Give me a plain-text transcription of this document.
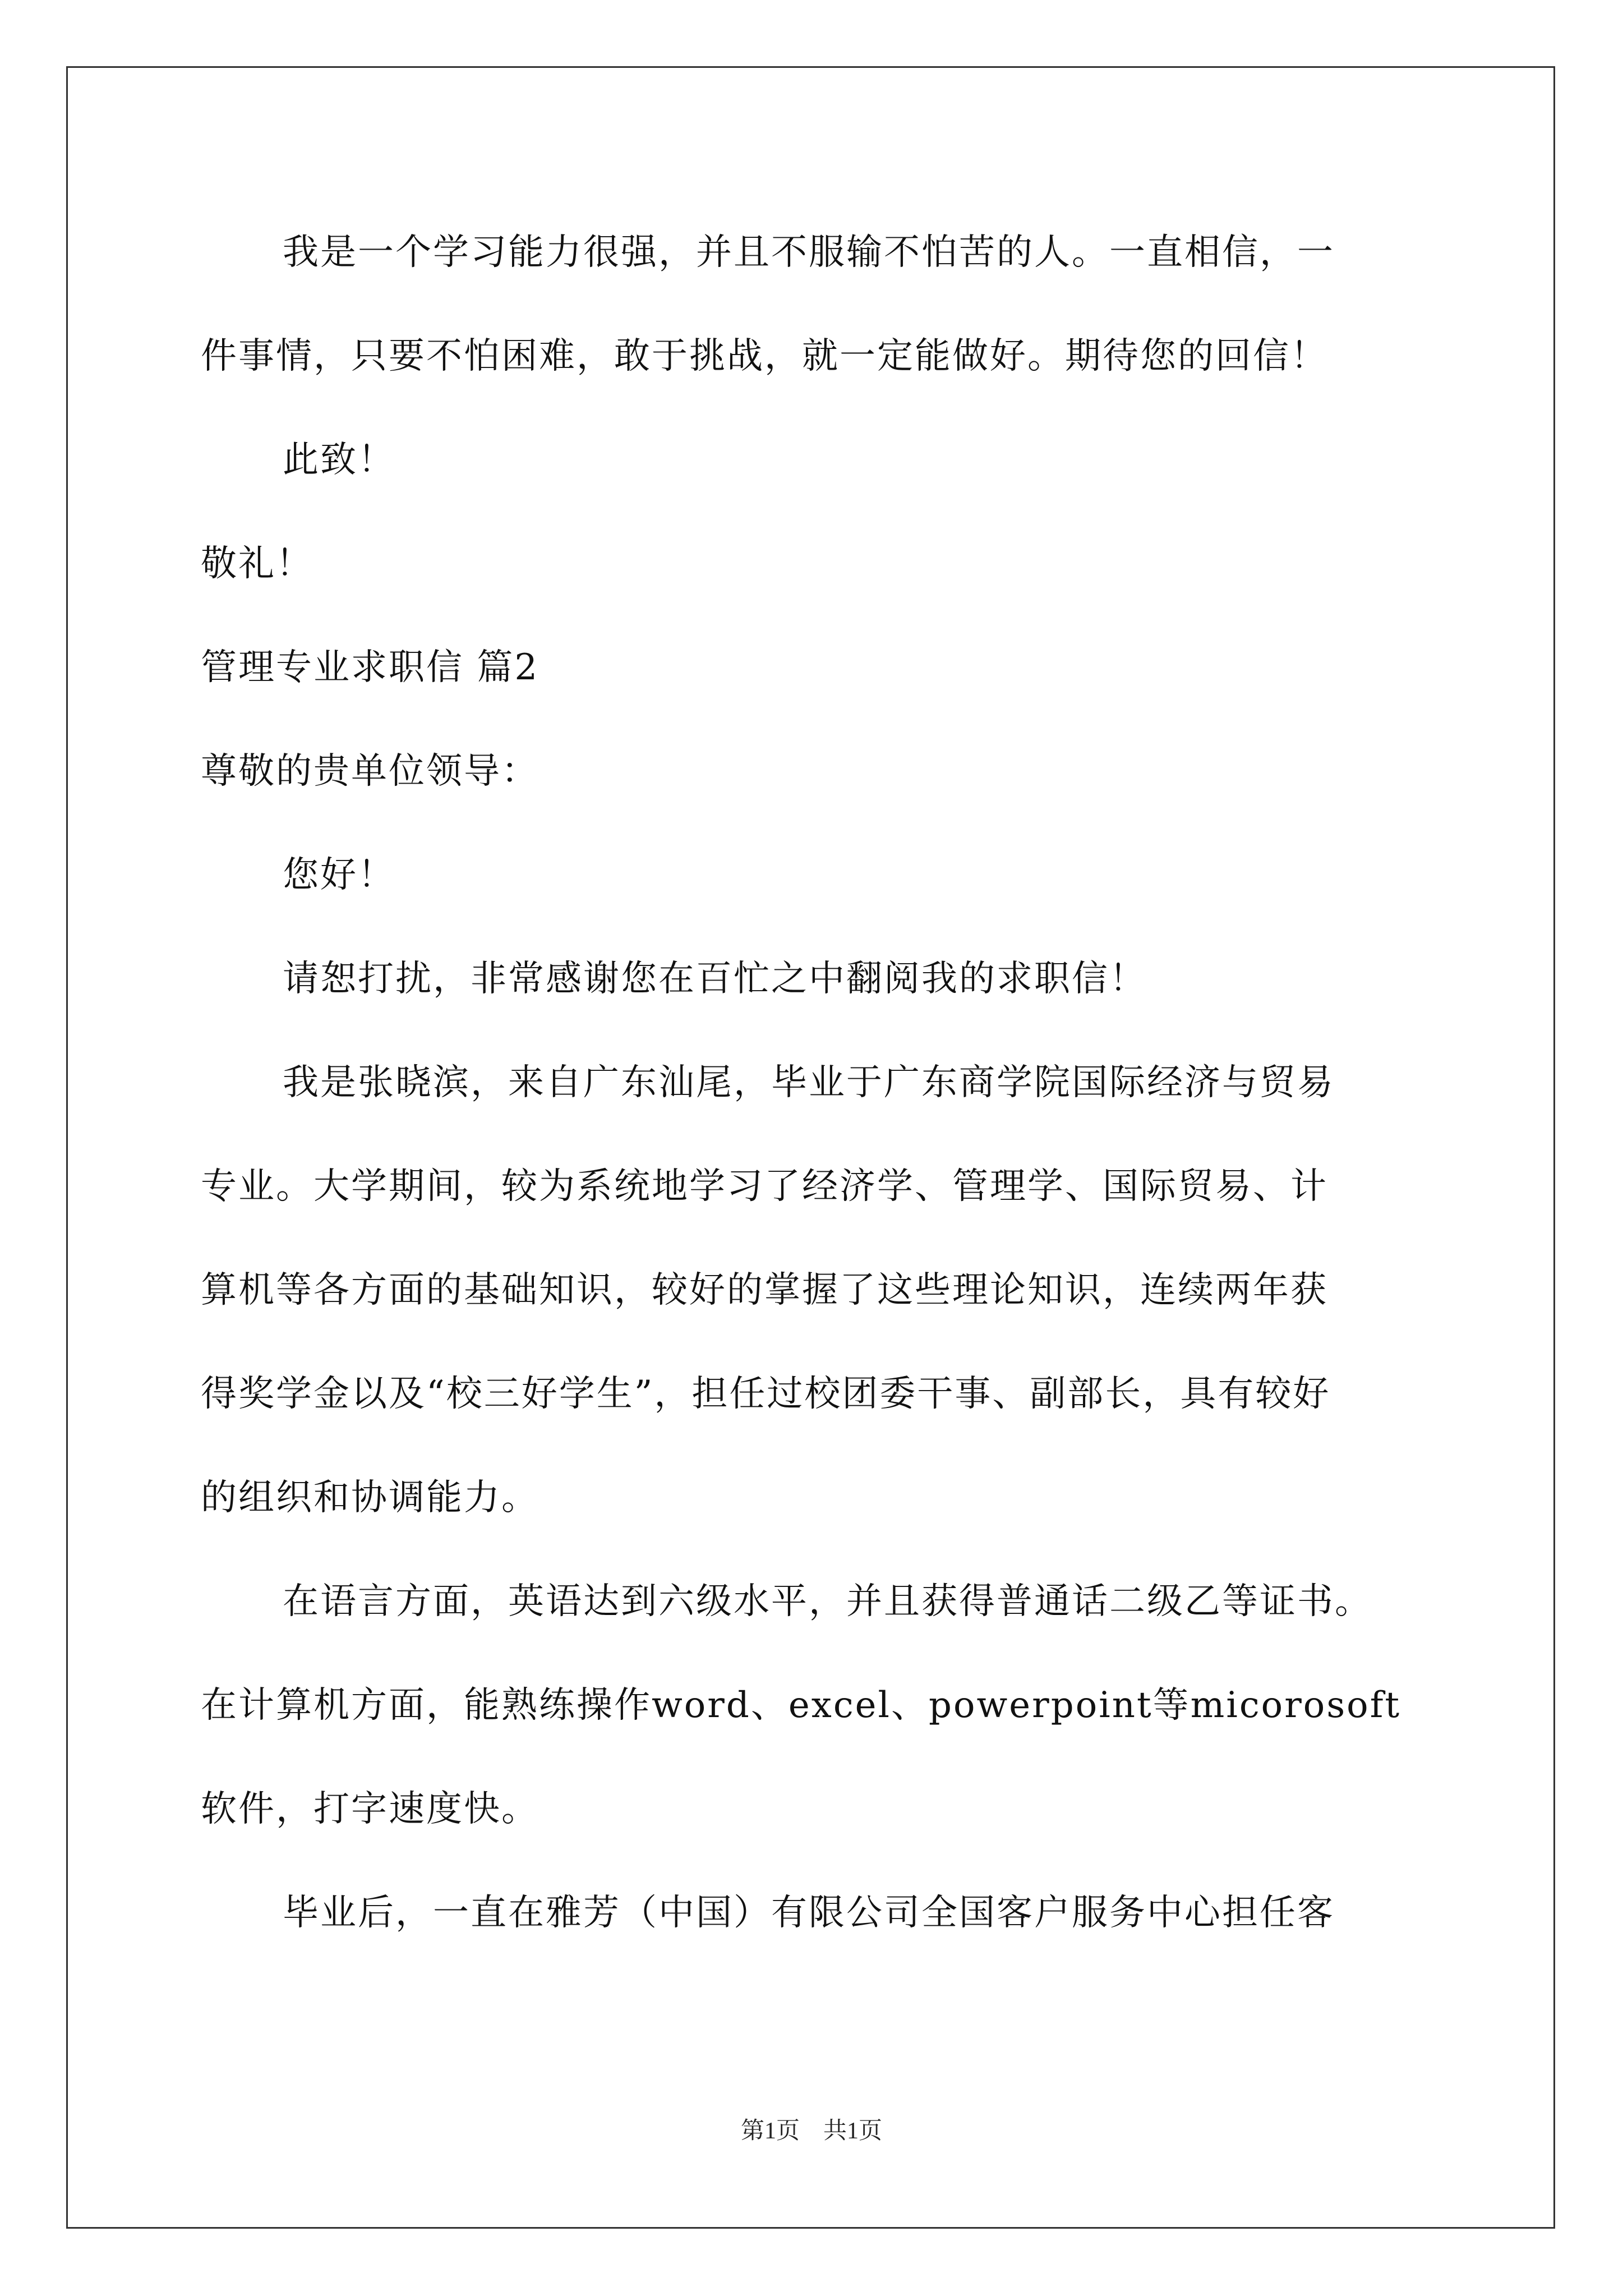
我是一个学习能力很强，并且不服输不怕苦的人。一直相信，一
件事情，只要不怕困难，敢于挑战，就一定能做好。期待您的回信！
此致！
敬礼！
管理专业求职信 篇2
尊敬的贵单位领导：
您好！
请恕打扰，非常感谢您在百忙之中翻阅我的求职信！
我是张晓滨，来自广东汕尾，毕业于广东商学院国际经济与贸易
专业。大学期间，较为系统地学习了经济学、管理学、国际贸易、计
算机等各方面的基础知识，较好的掌握了这些理论知识，连续两年获
得奖学金以及“校三好学生”，担任过校团委干事、副部长，具有较好
的组织和协调能力。
在语言方面，英语达到六级水平，并且获得普通话二级乙等证书。
在计算机方面，能熟练操作word、excel、powerpoint等micorosoft
软件，打字速度快。
毕业后，一直在雅芳（中国）有限公司全国客户服务中心担任客
第1页　共1页
